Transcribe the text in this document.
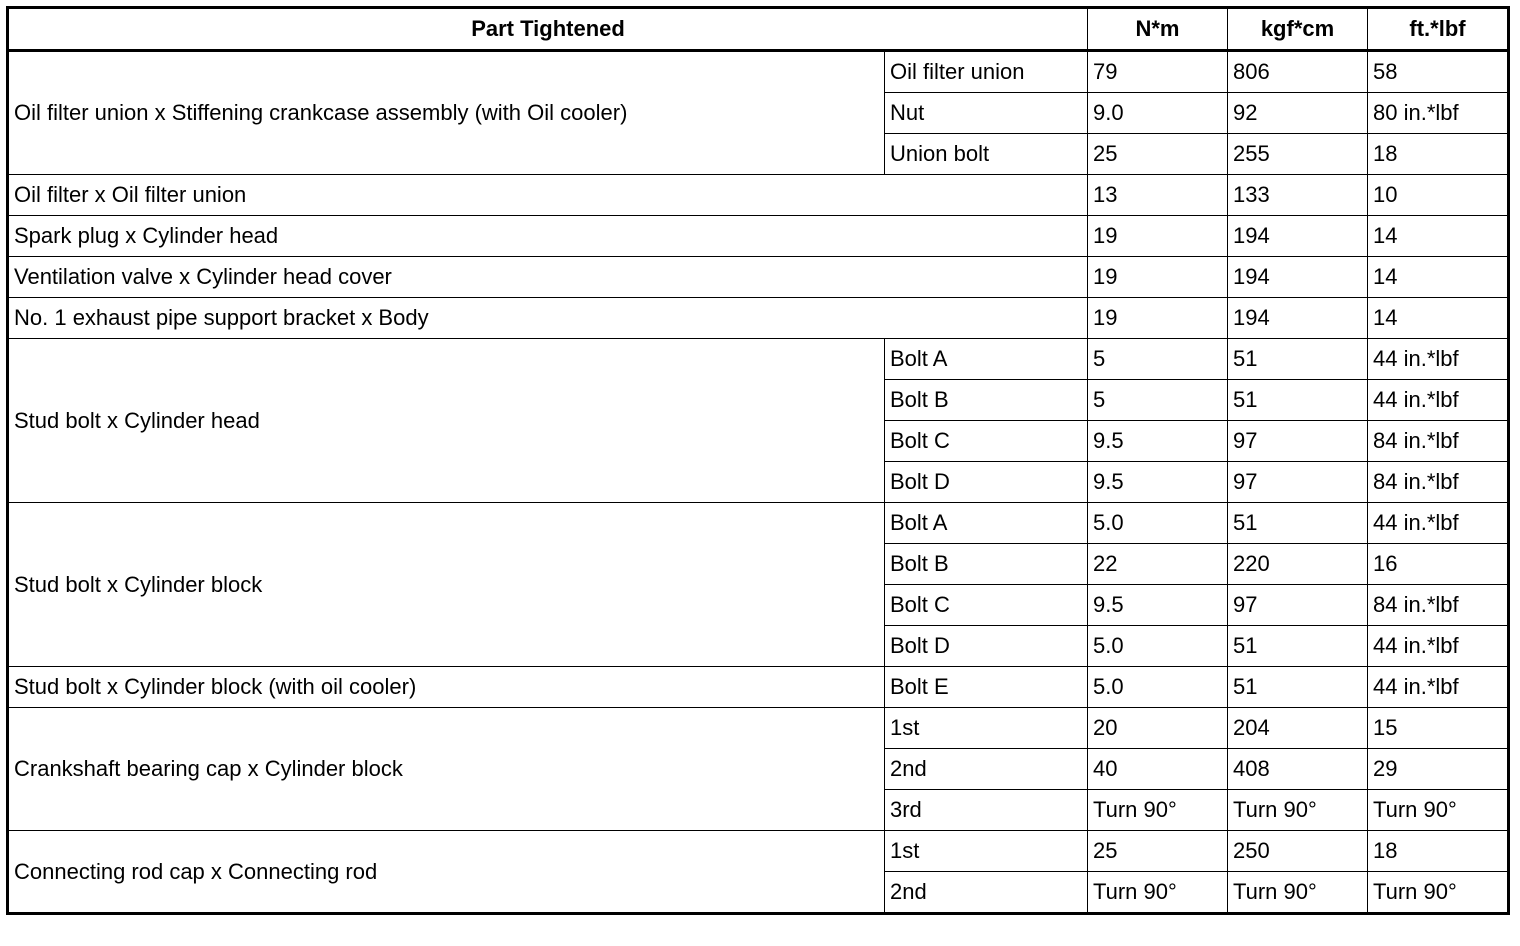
Part Tightened		N*m	kgf*cm	ft.*lbf
Oil filter union x Stiffening crankcase assembly (with Oil cooler)	Oil filter union	79	806	58
	Nut	9.0	92	80 in.*lbf
	Union bolt	25	255	18
Oil filter x Oil filter union		13	133	10
Spark plug x Cylinder head		19	194	14
Ventilation valve x Cylinder head cover		19	194	14
No. 1 exhaust pipe support bracket x Body		19	194	14
Stud bolt x Cylinder head	Bolt A	5	51	44 in.*lbf
	Bolt B	5	51	44 in.*lbf
	Bolt C	9.5	97	84 in.*lbf
	Bolt D	9.5	97	84 in.*lbf
Stud bolt x Cylinder block	Bolt A	5.0	51	44 in.*lbf
	Bolt B	22	220	16
	Bolt C	9.5	97	84 in.*lbf
	Bolt D	5.0	51	44 in.*lbf
Stud bolt x Cylinder block (with oil cooler)	Bolt E	5.0	51	44 in.*lbf
Crankshaft bearing cap x Cylinder block	1st	20	204	15
	2nd	40	408	29
	3rd	Turn 90°	Turn 90°	Turn 90°
Connecting rod cap x Connecting rod	1st	25	250	18
	2nd	Turn 90°	Turn 90°	Turn 90°
